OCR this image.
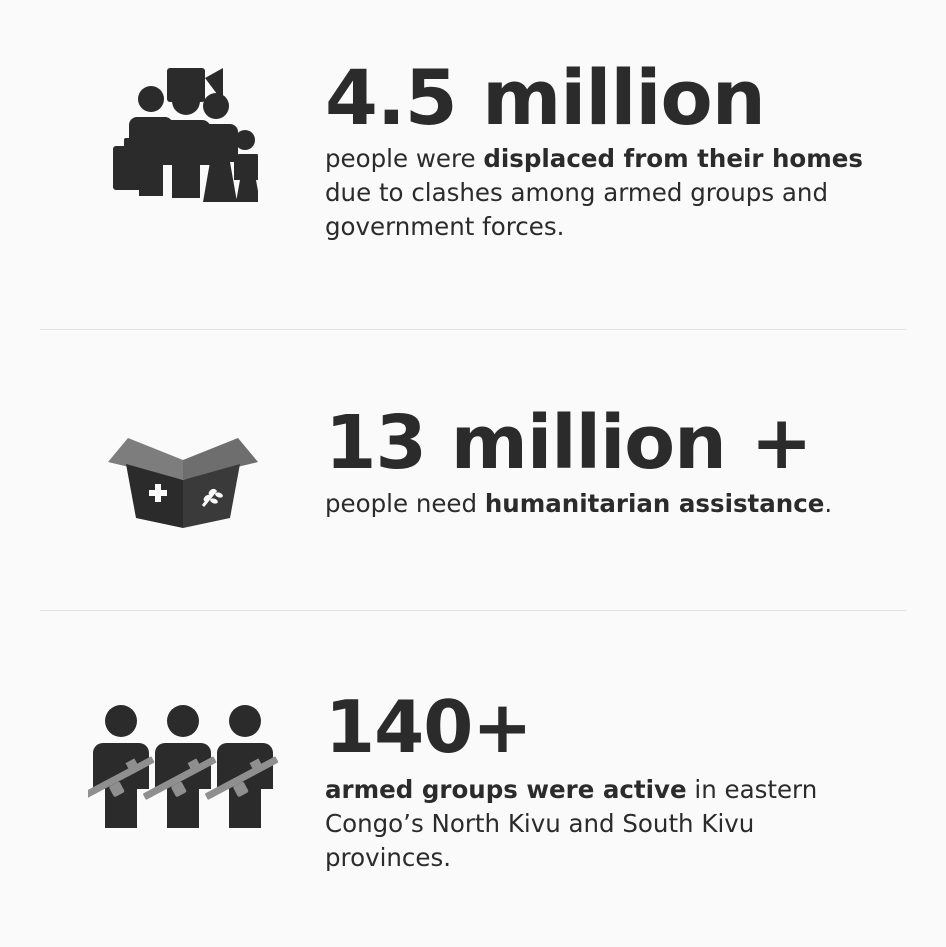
4.5 million
people were displaced from their homes due to clashes among armed groups and government forces.
13 million +
people need humanitarian assistance.
140+
armed groups were active in eastern Congo’s North Kivu and South Kivu provinces.
